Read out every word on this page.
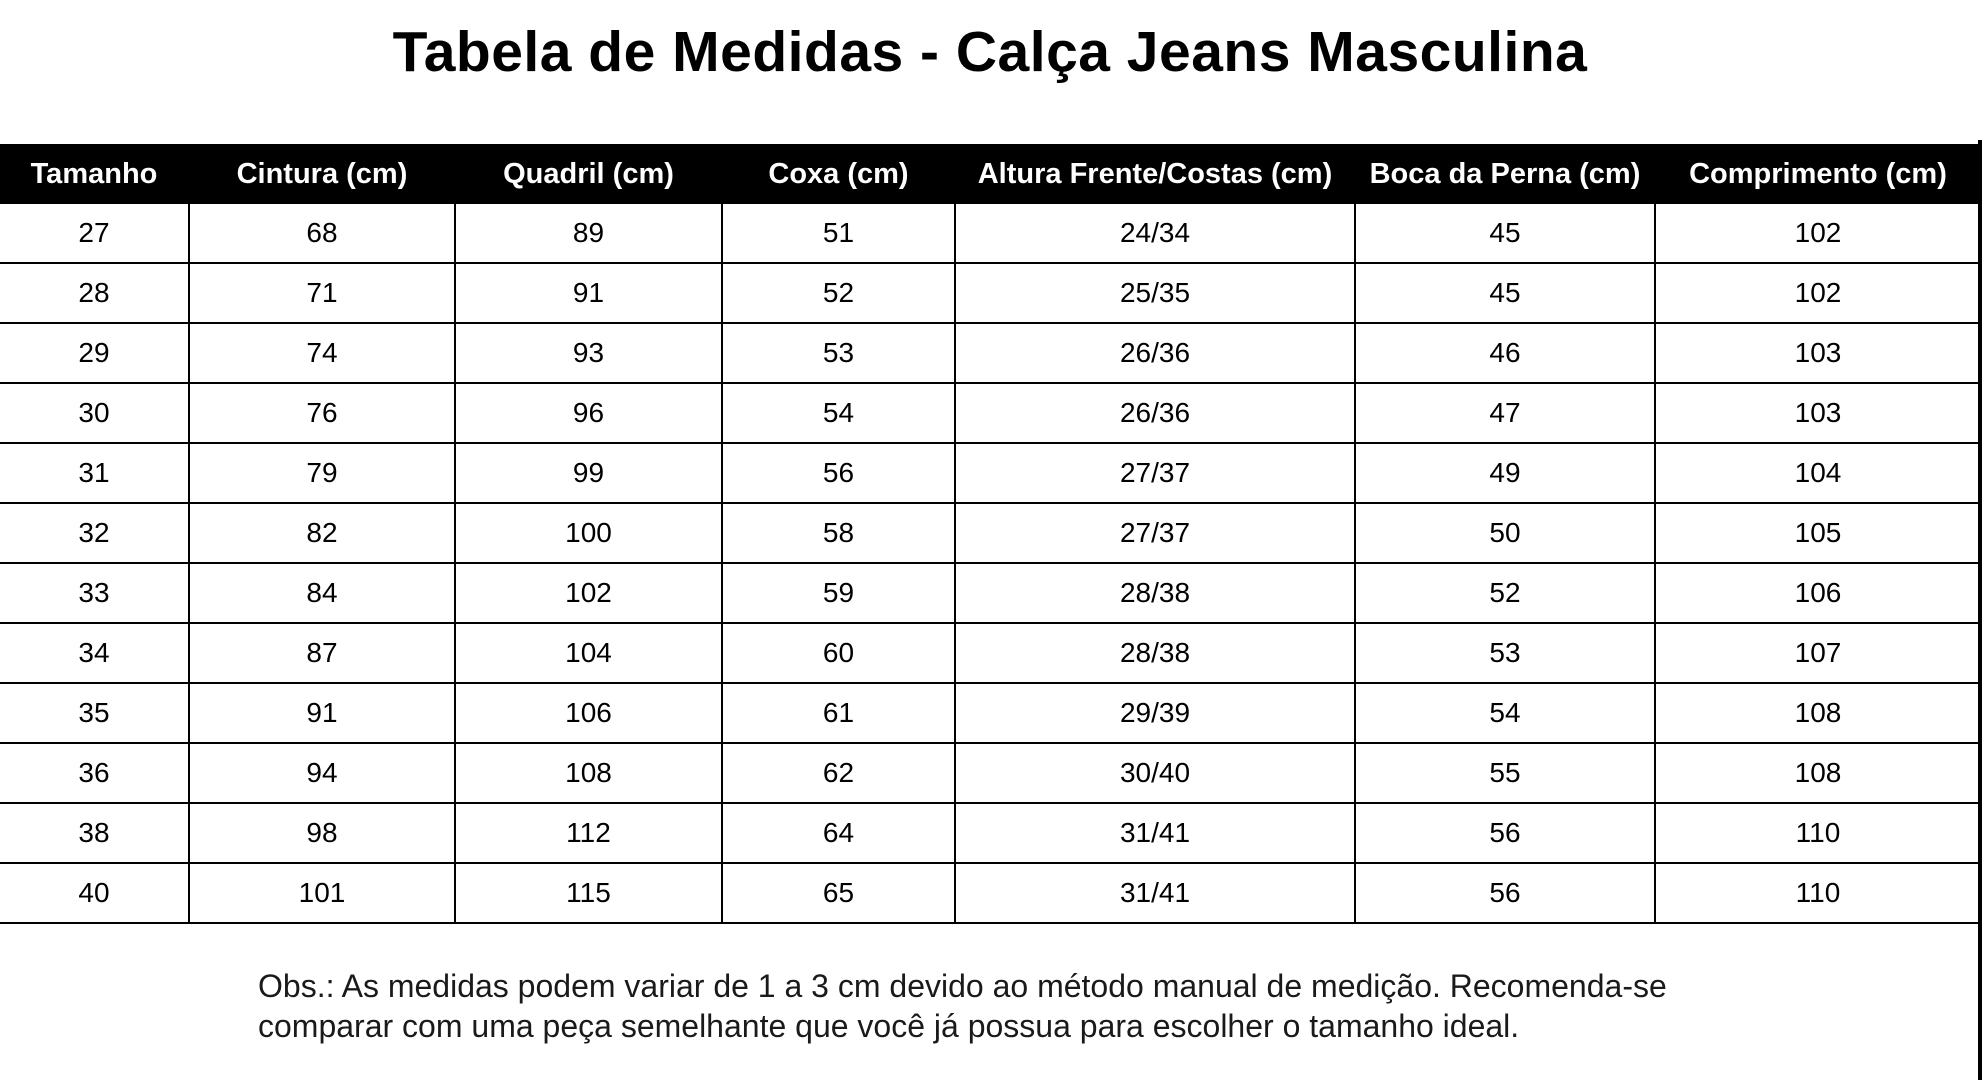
Tabela de Medidas - Calça Jeans Masculina
Tamanho	Cintura (cm)	Quadril (cm)	Coxa (cm)	Altura Frente/Costas (cm)	Boca da Perna (cm)	Comprimento (cm)
27	68	89	51	24/34	45	102
28	71	91	52	25/35	45	102
29	74	93	53	26/36	46	103
30	76	96	54	26/36	47	103
31	79	99	56	27/37	49	104
32	82	100	58	27/37	50	105
33	84	102	59	28/38	52	106
34	87	104	60	28/38	53	107
35	91	106	61	29/39	54	108
36	94	108	62	30/40	55	108
38	98	112	64	31/41	56	110
40	101	115	65	31/41	56	110
Obs.: As medidas podem variar de 1 a 3 cm devido ao método manual de medição. Recomenda-se
comparar com uma peça semelhante que você já possua para escolher o tamanho ideal.
